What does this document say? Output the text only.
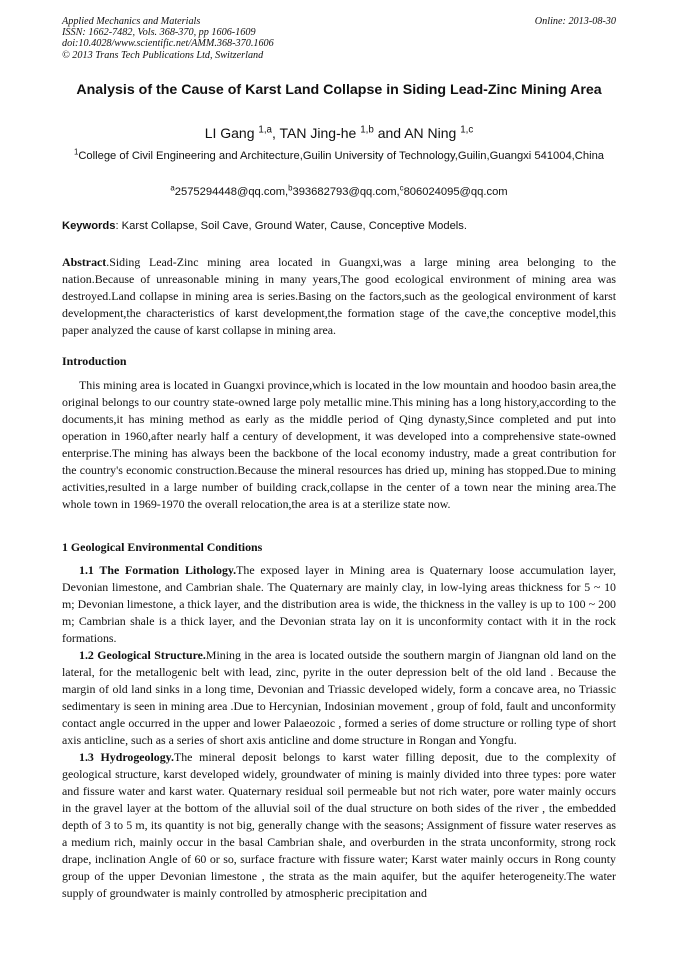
Applied Mechanics and Materials
ISSN: 1662-7482, Vols. 368-370, pp 1606-1609
doi:10.4028/www.scientific.net/AMM.368-370.1606
© 2013 Trans Tech Publications Ltd, Switzerland
Online: 2013-08-30
Analysis of the Cause of Karst Land Collapse in Siding Lead-Zinc Mining Area
LI Gang $^{1,a}$, TAN Jing-he $^{1,b}$ and AN Ning $^{1,c}$
$^1$College of Civil Engineering and Architecture,Guilin University of Technology,Guilin,Guangxi 541004,China
$^a$2575294448@qq.com,$^b$393682793@qq.com,$^c$806024095@qq.com
Keywords: Karst Collapse, Soil Cave, Ground Water, Cause, Conceptive Models.

Abstract.Siding Lead-Zinc mining area located in Guangxi,was a large mining area belonging to the nation.Because of unreasonable mining in many years,The good ecological environment of mining area was destroyed.Land collapse in mining area is series.Basing on the factors,such as the geological environment of karst development,the characteristics of karst development,the formation stage of the cave,the conceptive model,this paper analyzed the cause of karst collapse in mining area.

Introduction

This mining area is located in Guangxi province,which is located in the low mountain and hoodoo basin area,the original belongs to our country state-owned large poly metallic mine.This mining has a long history,according to the documents,it has mining method as early as the middle period of Qing dynasty,Since completed and put into operation in 1960,after nearly half a century of development, it was developed into a comprehensive state-owned enterprise.The mining has always been the backbone of the local economy industry, made a great contribution for the country's economic construction.Because the mineral resources has dried up, mining has stopped.Due to mining activities,resulted in a large number of building crack,collapse in the center of a town near the mining area.The whole town in 1969-1970 the overall relocation,the area is at a sterilize state now.

1 Geological Environmental Conditions

1.1 The Formation Lithology.The exposed layer in Mining area is Quaternary loose accumulation layer, Devonian limestone, and Cambrian shale. The Quaternary are mainly clay, in low-lying areas thickness for 5 ~ 10 m; Devonian limestone, a thick layer, and the distribution area is wide, the thickness in the valley is up to 100 ~ 200 m; Cambrian shale is a thick layer, and the Devonian strata lay on it is unconformity contact with it in the rock formations.

1.2 Geological Structure.Mining in the area is located outside the southern margin of Jiangnan old land on the lateral, for the metallogenic belt with lead, zinc, pyrite in the outer depression belt of the old land . Because the margin of old land sinks in a long time, Devonian and Triassic developed widely, form a concave area, no Triassic sedimentary is seen in mining area .Due to Hercynian, Indosinian movement , group of fold, fault and unconformity contact angle occurred in the upper and lower Palaeozoic , formed a series of dome structure or rolling type of short axis anticline, such as a series of short axis anticline and dome structure in Rongan and Yongfu.

1.3 Hydrogeology.The mineral deposit belongs to karst water filling deposit, due to the complexity of geological structure, karst developed widely, groundwater of mining is mainly divided into three types: pore water and fissure water and karst water. Quaternary residual soil permeable but not rich water, pore water mainly occurs in the gravel layer at the bottom of the alluvial soil of the dual structure on both sides of the river , the embedded depth of 3 to 5 m, its quantity is not big, generally change with the seasons; Assignment of fissure water reserves as a medium rich, mainly occur in the basal Cambrian shale, and overburden in the strata unconformity, strong rock drape, inclination Angle of 60 or so, surface fracture with fissure water; Karst water mainly occurs in Rong county group of the upper Devonian limestone , the strata as the main aquifer, but the aquifer heterogeneity.The water supply of groundwater is mainly controlled by atmospheric precipitation and
